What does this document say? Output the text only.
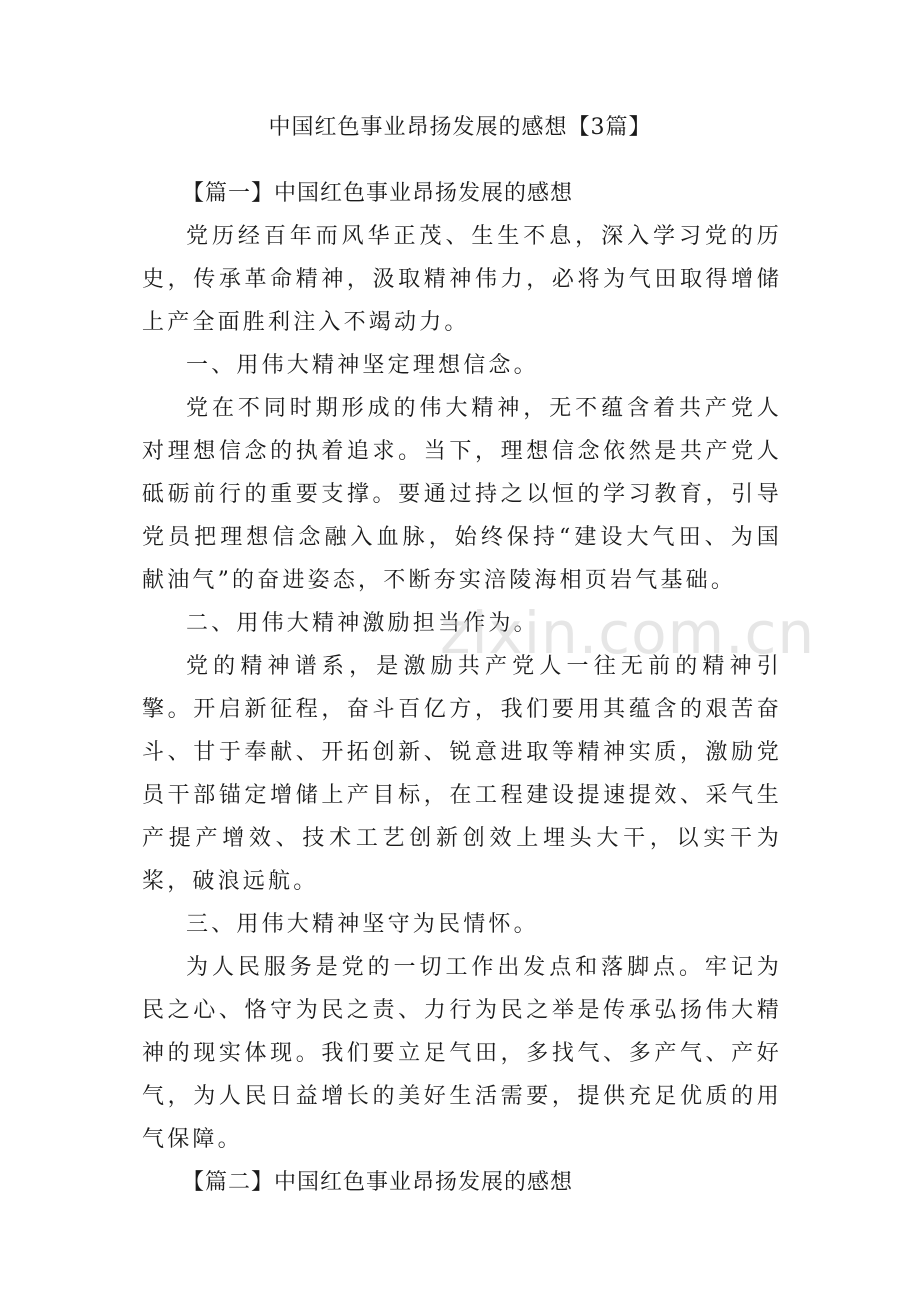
中国红色事业昂扬发展的感想【3篇】
【篇一】中国红色事业昂扬发展的感想

党历经百年而风华正茂、生生不息，深入学习党的历史，传承革命精神，汲取精神伟力，必将为气田取得增储上产全面胜利注入不竭动力。

一、用伟大精神坚定理想信念。

党在不同时期形成的伟大精神，无不蕴含着共产党人对理想信念的执着追求。当下，理想信念依然是共产党人砥砺前行的重要支撑。要通过持之以恒的学习教育，引导党员把理想信念融入血脉，始终保持“建设大气田、为国献油气”的奋进姿态，不断夯实涪陵海相页岩气基础。

二、用伟大精神激励担当作为。

党的精神谱系，是激励共产党人一往无前的精神引擎。开启新征程，奋斗百亿方，我们要用其蕴含的艰苦奋斗、甘于奉献、开拓创新、锐意进取等精神实质，激励党员干部锚定增储上产目标，在工程建设提速提效、采气生产提产增效、技术工艺创新创效上埋头大干，以实干为桨，破浪远航。

三、用伟大精神坚守为民情怀。

为人民服务是党的一切工作出发点和落脚点。牢记为民之心、恪守为民之责、力行为民之举是传承弘扬伟大精神的现实体现。我们要立足气田，多找气、多产气、产好气，为人民日益增长的美好生活需要，提供充足优质的用气保障。

【篇二】中国红色事业昂扬发展的感想
zixin.com.cn
